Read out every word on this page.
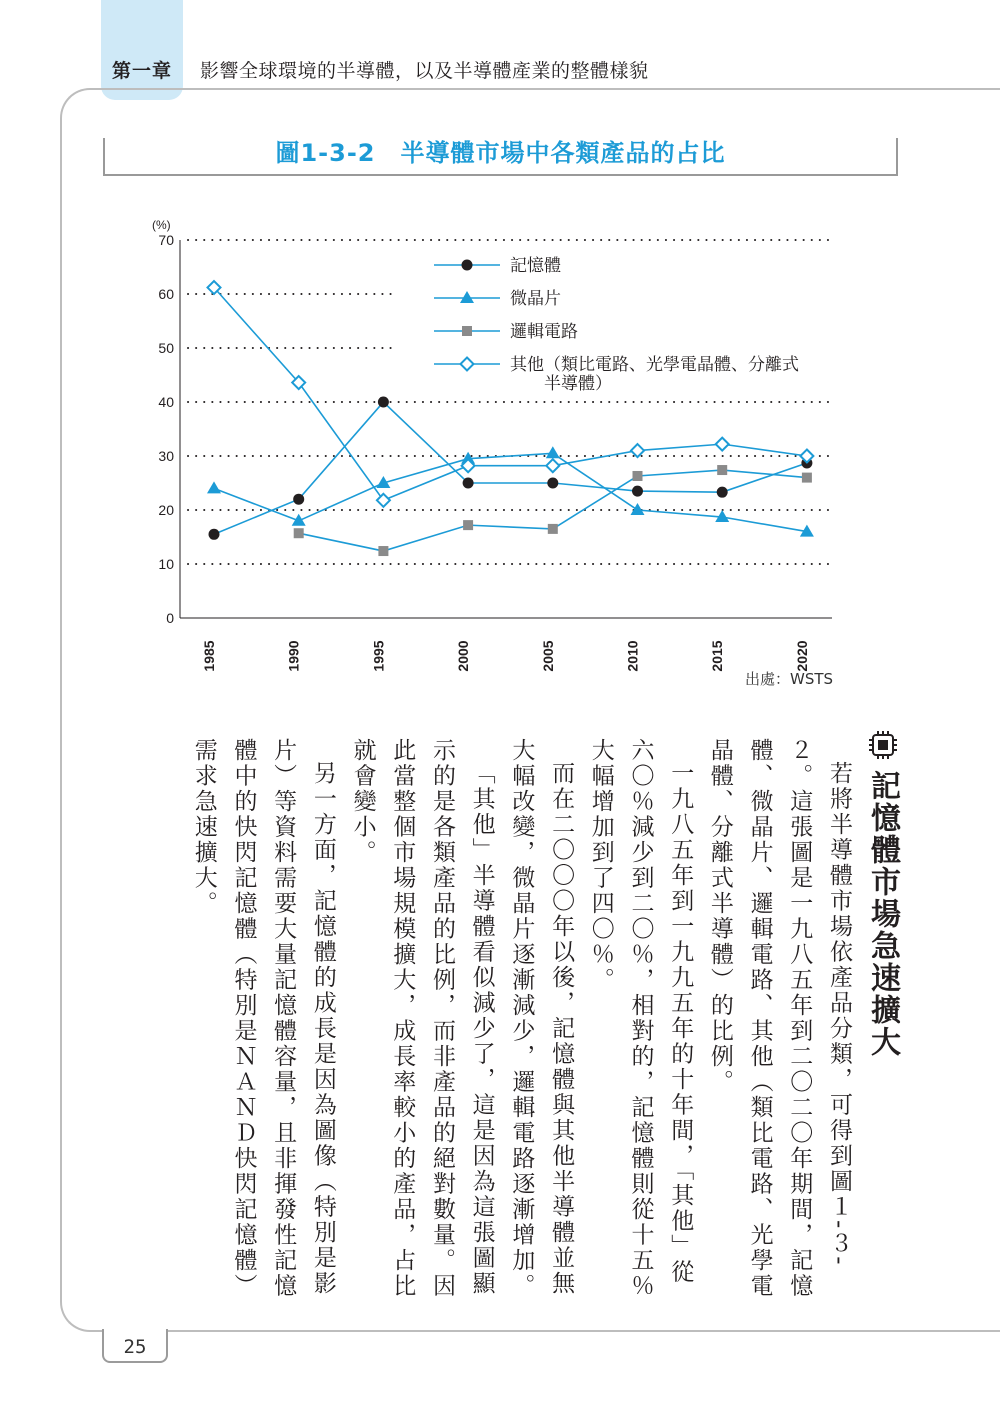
第一章	影響全球環境的半導體，以及半導體產業的整體樣貌
圖1-3-2　半導體市場中各類產品的占比
0
10
20
30
40
50
60
70
(%)
1985	1990	1995	2000	2005	2010	2015	2020
記憶體
微晶片
邏輯電路
其他（類比電路、光學電晶體、分離式
半導體）
出處：WSTS
記憶體市場急速擴大

若將半導體市場依產品分類，可得到圖１-３-２。這張圖是一九八五年到二〇二〇年期間，記憶體、微晶片、邏輯電路、其他（類比電路、光學電晶體、分離式半導體）的比例。

一九八五年到一九九五年的十年間，「其他」從六〇％減少到二〇％，相對的，記憶體則從十五％大幅增加到了四〇％。

而在二〇〇〇年以後，記憶體與其他半導體並無大幅改變，微晶片逐漸減少，邏輯電路逐漸增加。

「其他」半導體看似減少了，這是因為這張圖顯示的是各類產品的比例，而非產品的絕對數量。因此當整個市場規模擴大，成長率較小的產品，占比就會變小。

另一方面，記憶體的成長是因為圖像（特別是影片）等資料需要大量記憶體容量，且非揮發性記憶體中的快閃記憶體（特別是ＮＡＮＤ快閃記憶體）需求急速擴大。

25
